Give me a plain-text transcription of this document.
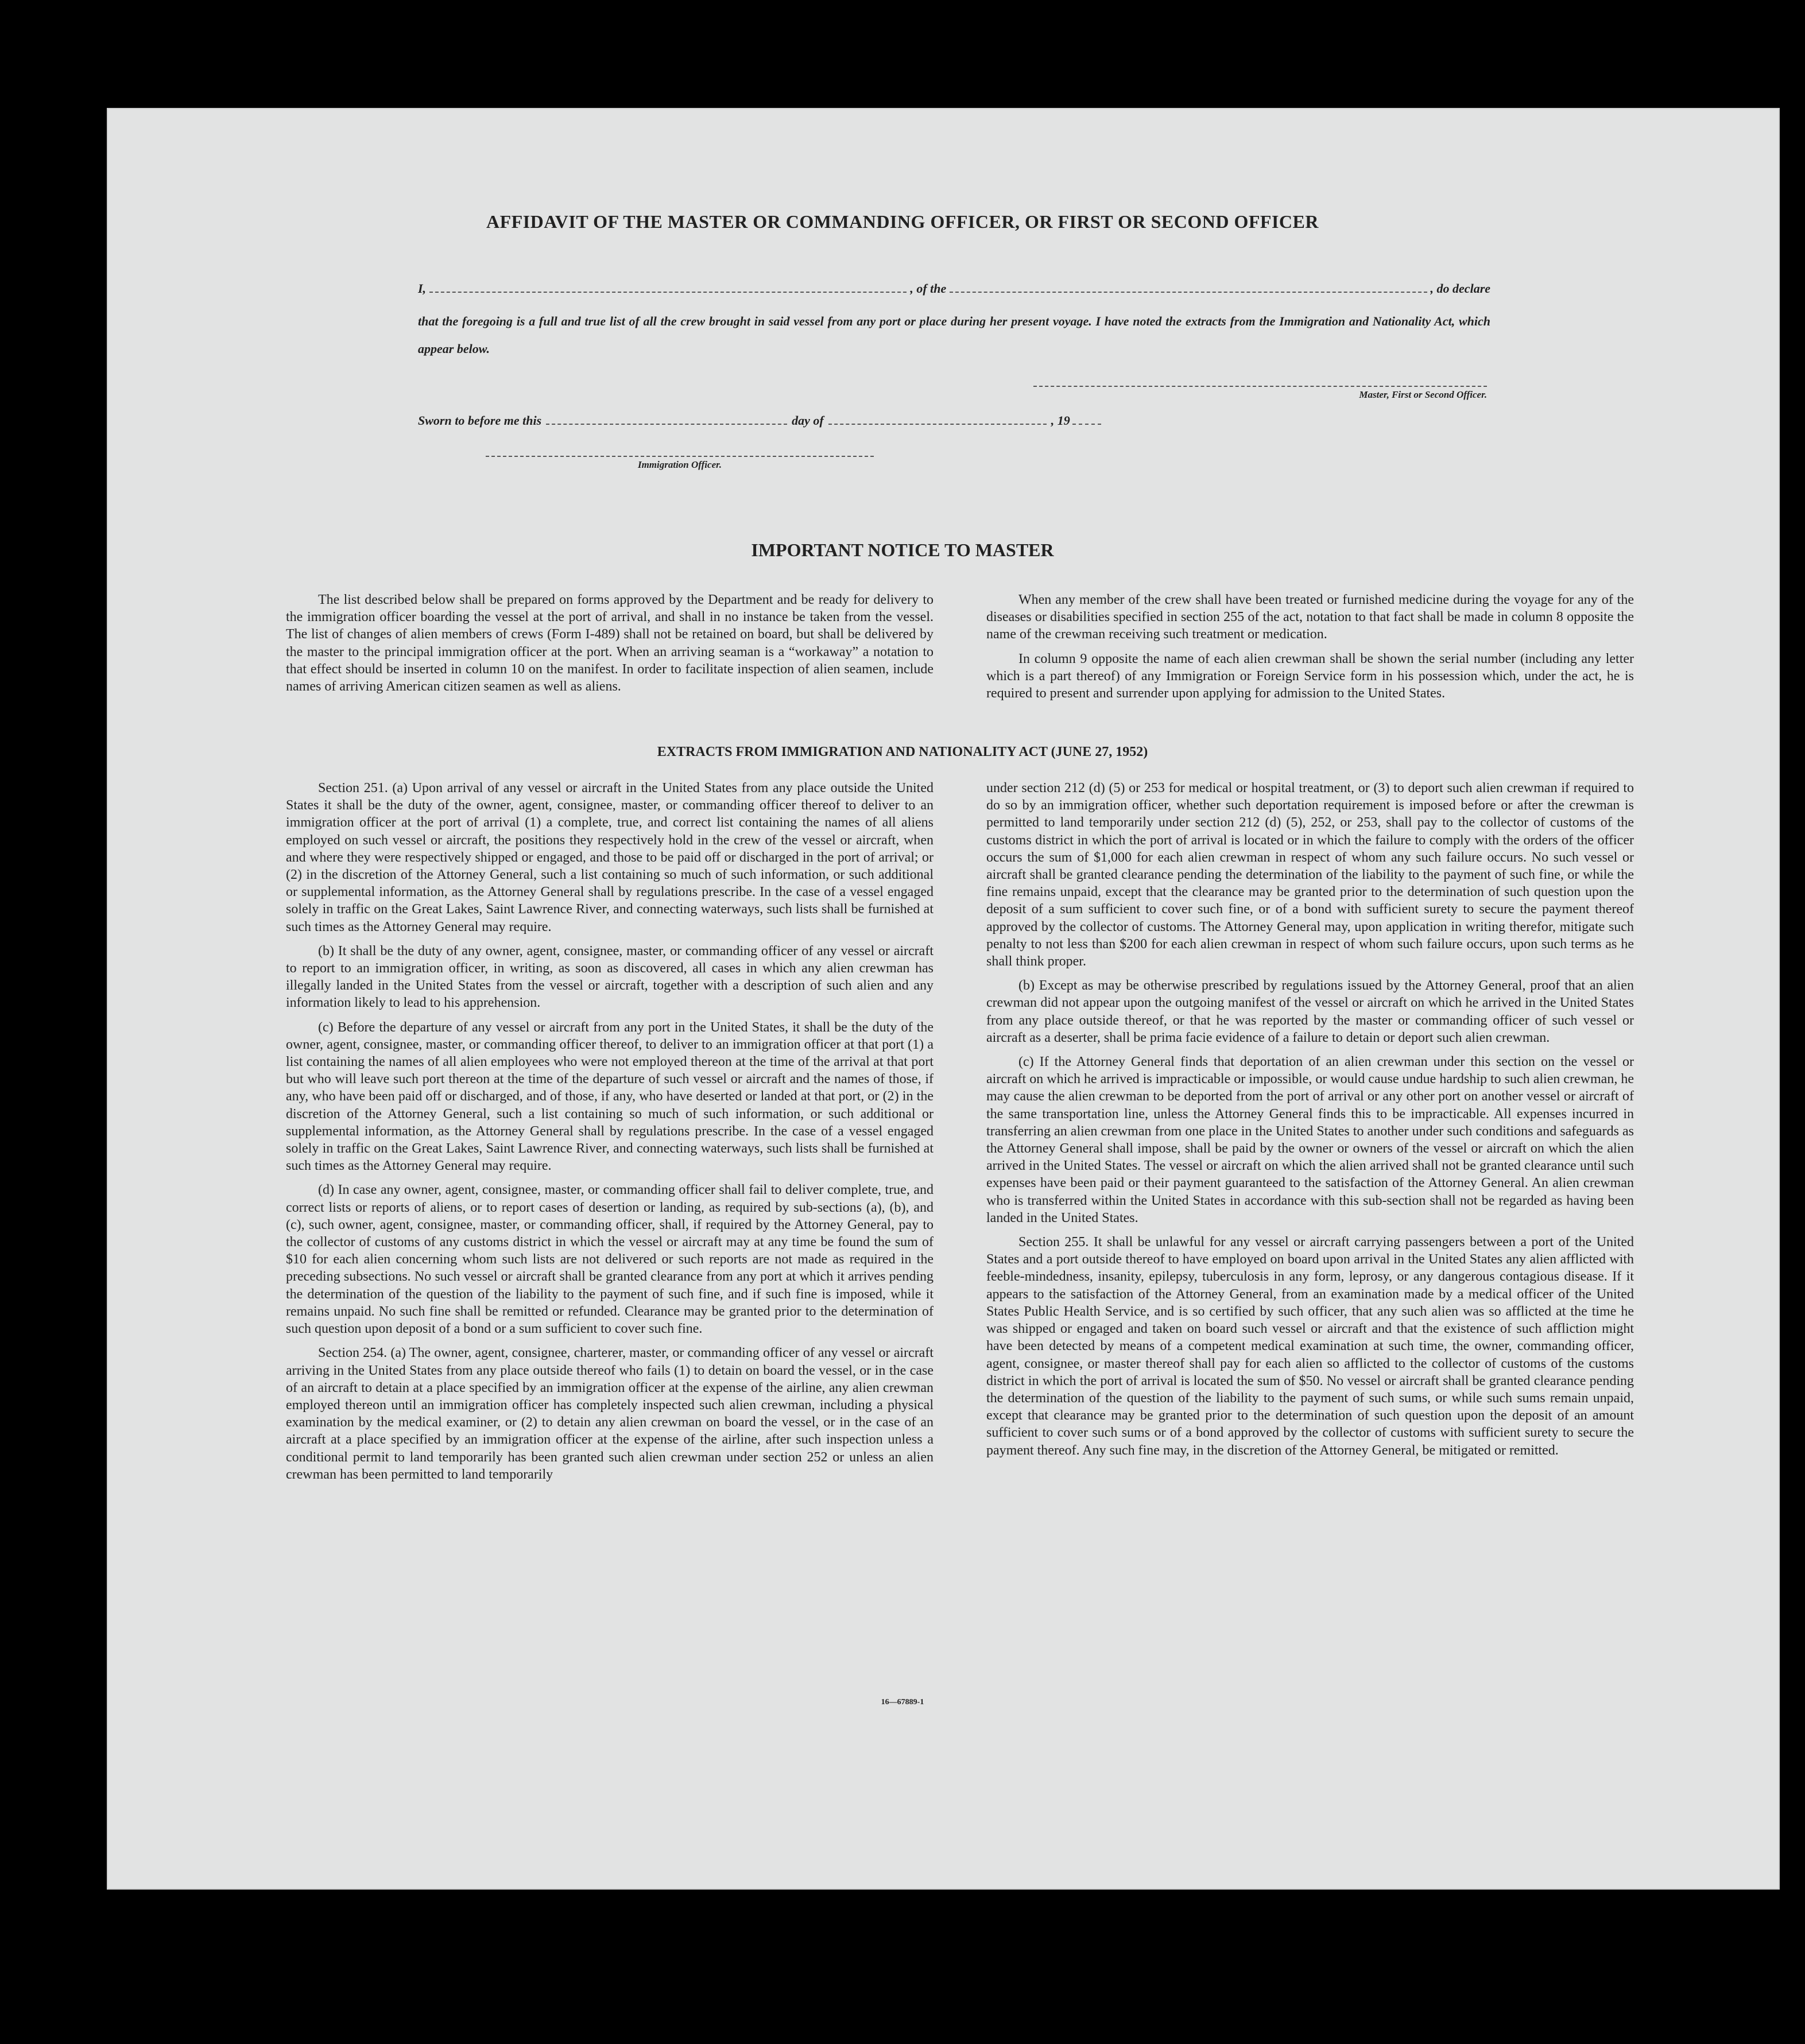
AFFIDAVIT OF THE MASTER OR COMMANDING OFFICER, OR FIRST OR SECOND OFFICER
I,	, of the	, do declare
that the foregoing is a full and true list of all the crew brought in said vessel from any port or place during her present voyage. I have noted the extracts from the Immigration and Nationality Act, which appear below.
Master, First or Second Officer.
Sworn to before me this	day of	, 19
Immigration Officer.
IMPORTANT NOTICE TO MASTER

The list described below shall be prepared on forms approved by the Department and be ready for delivery to the immigration officer boarding the vessel at the port of arrival, and shall in no instance be taken from the vessel. The list of changes of alien members of crews (Form I-489) shall not be retained on board, but shall be delivered by the master to the principal immigration officer at the port. When an arriving seaman is a “workaway” a notation to that effect should be inserted in column 10 on the manifest. In order to facilitate inspection of alien seamen, include names of arriving American citizen seamen as well as aliens.

When any member of the crew shall have been treated or furnished medicine during the voyage for any of the diseases or disabilities specified in section 255 of the act, notation to that fact shall be made in column 8 opposite the name of the crewman receiving such treatment or medication.

In column 9 opposite the name of each alien crewman shall be shown the serial number (including any letter which is a part thereof) of any Immigration or Foreign Service form in his possession which, under the act, he is required to present and surrender upon applying for admission to the United States.

EXTRACTS FROM IMMIGRATION AND NATIONALITY ACT (JUNE 27, 1952)

Section 251. (a) Upon arrival of any vessel or aircraft in the United States from any place outside the United States it shall be the duty of the owner, agent, consignee, master, or commanding officer thereof to deliver to an immigration officer at the port of arrival (1) a complete, true, and correct list containing the names of all aliens employed on such vessel or aircraft, the positions they respectively hold in the crew of the vessel or aircraft, when and where they were respectively shipped or engaged, and those to be paid off or discharged in the port of arrival; or (2) in the discretion of the Attorney General, such a list containing so much of such information, or such additional or supplemental information, as the Attorney General shall by regulations prescribe. In the case of a vessel engaged solely in traffic on the Great Lakes, Saint Lawrence River, and connecting waterways, such lists shall be furnished at such times as the Attorney General may require.

(b) It shall be the duty of any owner, agent, consignee, master, or commanding officer of any vessel or aircraft to report to an immigration officer, in writing, as soon as discovered, all cases in which any alien crewman has illegally landed in the United States from the vessel or aircraft, together with a description of such alien and any information likely to lead to his apprehension.

(c) Before the departure of any vessel or aircraft from any port in the United States, it shall be the duty of the owner, agent, consignee, master, or commanding officer thereof, to deliver to an immigration officer at that port (1) a list containing the names of all alien employees who were not employed thereon at the time of the arrival at that port but who will leave such port thereon at the time of the departure of such vessel or aircraft and the names of those, if any, who have been paid off or discharged, and of those, if any, who have deserted or landed at that port, or (2) in the discretion of the Attorney General, such a list containing so much of such information, or such additional or supplemental information, as the Attorney General shall by regulations prescribe. In the case of a vessel engaged solely in traffic on the Great Lakes, Saint Lawrence River, and connecting waterways, such lists shall be furnished at such times as the Attorney General may require.

(d) In case any owner, agent, consignee, master, or commanding officer shall fail to deliver complete, true, and correct lists or reports of aliens, or to report cases of desertion or landing, as required by sub-sections (a), (b), and (c), such owner, agent, consignee, master, or commanding officer, shall, if required by the Attorney General, pay to the collector of customs of any customs district in which the vessel or aircraft may at any time be found the sum of $10 for each alien concerning whom such lists are not delivered or such reports are not made as required in the preceding subsections. No such vessel or aircraft shall be granted clearance from any port at which it arrives pending the determination of the question of the liability to the payment of such fine, and if such fine is imposed, while it remains unpaid. No such fine shall be remitted or refunded. Clearance may be granted prior to the determination of such question upon deposit of a bond or a sum sufficient to cover such fine.

Section 254. (a) The owner, agent, consignee, charterer, master, or commanding officer of any vessel or aircraft arriving in the United States from any place outside thereof who fails (1) to detain on board the vessel, or in the case of an aircraft to detain at a place specified by an immigration officer at the expense of the airline, any alien crewman employed thereon until an immigration officer has completely inspected such alien crewman, including a physical examination by the medical examiner, or (2) to detain any alien crewman on board the vessel, or in the case of an aircraft at a place specified by an immigration officer at the expense of the airline, after such inspection unless a conditional permit to land temporarily has been granted such alien crewman under section 252 or unless an alien crewman has been permitted to land temporarily

under section 212 (d) (5) or 253 for medical or hospital treatment, or (3) to deport such alien crewman if required to do so by an immigration officer, whether such deportation requirement is imposed before or after the crewman is permitted to land temporarily under section 212 (d) (5), 252, or 253, shall pay to the collector of customs of the customs district in which the port of arrival is located or in which the failure to comply with the orders of the officer occurs the sum of $1,000 for each alien crewman in respect of whom any such failure occurs. No such vessel or aircraft shall be granted clearance pending the determination of the liability to the payment of such fine, or while the fine remains unpaid, except that the clearance may be granted prior to the determination of such question upon the deposit of a sum sufficient to cover such fine, or of a bond with sufficient surety to secure the payment thereof approved by the collector of customs. The Attorney General may, upon application in writing therefor, mitigate such penalty to not less than $200 for each alien crewman in respect of whom such failure occurs, upon such terms as he shall think proper.

(b) Except as may be otherwise prescribed by regulations issued by the Attorney General, proof that an alien crewman did not appear upon the outgoing manifest of the vessel or aircraft on which he arrived in the United States from any place outside thereof, or that he was reported by the master or commanding officer of such vessel or aircraft as a deserter, shall be prima facie evidence of a failure to detain or deport such alien crewman.

(c) If the Attorney General finds that deportation of an alien crewman under this section on the vessel or aircraft on which he arrived is impracticable or impossible, or would cause undue hardship to such alien crewman, he may cause the alien crewman to be deported from the port of arrival or any other port on another vessel or aircraft of the same transportation line, unless the Attorney General finds this to be impracticable. All expenses incurred in transferring an alien crewman from one place in the United States to another under such conditions and safeguards as the Attorney General shall impose, shall be paid by the owner or owners of the vessel or aircraft on which the alien arrived in the United States. The vessel or aircraft on which the alien arrived shall not be granted clearance until such expenses have been paid or their payment guaranteed to the satisfaction of the Attorney General. An alien crewman who is transferred within the United States in accordance with this sub-section shall not be regarded as having been landed in the United States.

Section 255. It shall be unlawful for any vessel or aircraft carrying passengers between a port of the United States and a port outside thereof to have employed on board upon arrival in the United States any alien afflicted with feeble-mindedness, insanity, epilepsy, tuberculosis in any form, leprosy, or any dangerous contagious disease. If it appears to the satisfaction of the Attorney General, from an examination made by a medical officer of the United States Public Health Service, and is so certified by such officer, that any such alien was so afflicted at the time he was shipped or engaged and taken on board such vessel or aircraft and that the existence of such affliction might have been detected by means of a competent medical examination at such time, the owner, commanding officer, agent, consignee, or master thereof shall pay for each alien so afflicted to the collector of customs of the customs district in which the port of arrival is located the sum of $50. No vessel or aircraft shall be granted clearance pending the determination of the question of the liability to the payment of such sums, or while such sums remain unpaid, except that clearance may be granted prior to the determination of such question upon the deposit of an amount sufficient to cover such sums or of a bond approved by the collector of customs with sufficient surety to secure the payment thereof. Any such fine may, in the discretion of the Attorney General, be mitigated or remitted.

16—67889-1
